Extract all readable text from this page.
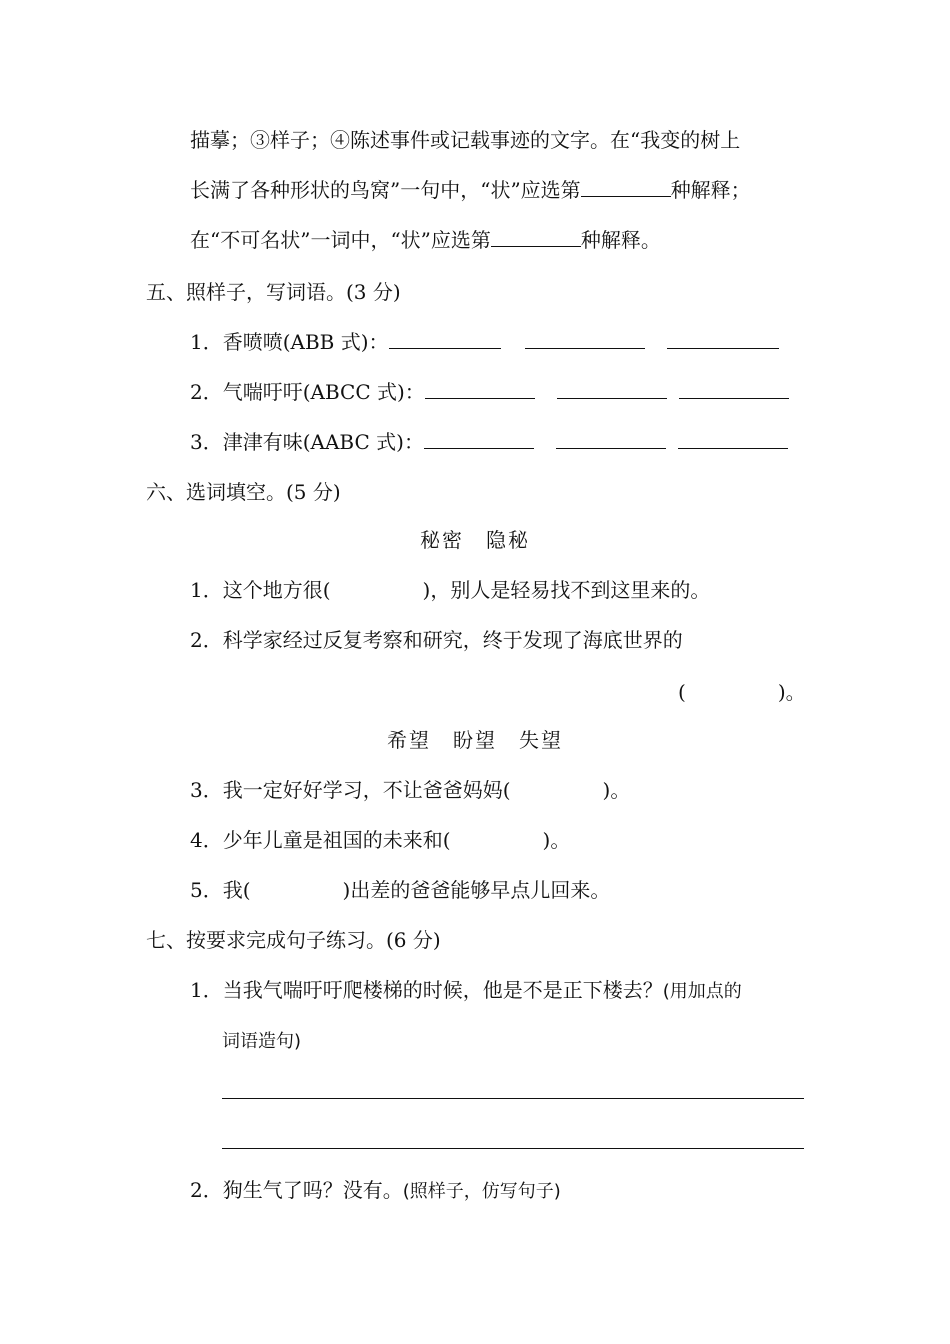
描摹；③样子；④陈述事件或记载事迹的文字。在“我变的树上
长满了各种形状的鸟窝”一句中，“状”应选第	种解释；
在“不可名状”一词中，“状”应选第	种解释。
五、照样子，写词语。(3 分)
1．香喷喷(ABB 式)：
2．气喘吁吁(ABCC 式)：
3．津津有味(AABC 式)：
六、选词填空。(5 分)
秘密　隐秘
1．这个地方很(	)，别人是轻易找不到这里来的。
2．科学家经过反复考察和研究，终于发现了海底世界的
(	)。
希望　盼望　失望
3．我一定好好学习，不让爸爸妈妈(	)。
4．少年儿童是祖国的未来和(	)。
5．我(	)出差的爸爸能够早点儿回来。
七、按要求完成句子练习。(6 分)
1．当我气喘吁吁爬楼梯的时候，他是不是正下楼去？(用加点的
词语造句)
2．狗生气了吗？没有。(照样子，仿写句子)
